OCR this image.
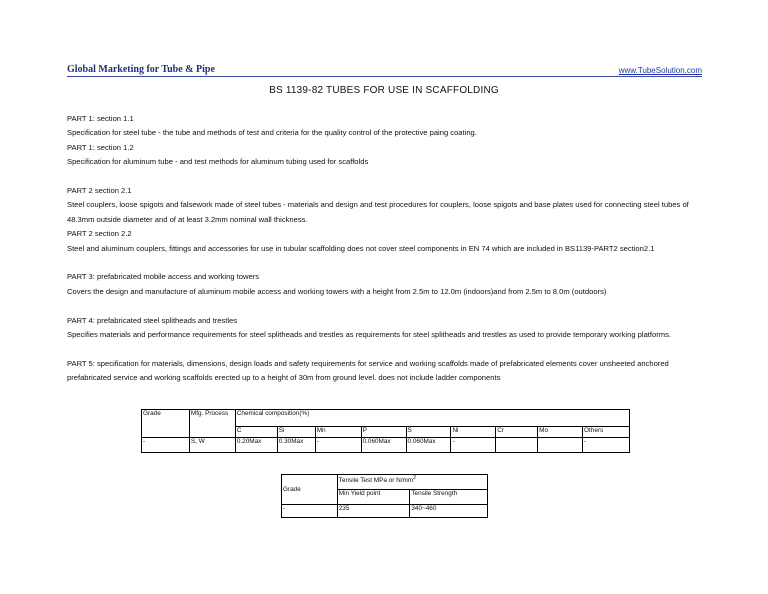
Global Marketing for Tube & Pipe	www.TubeSolution.com
BS 1139-82 TUBES FOR USE IN SCAFFOLDING

PART 1: section 1.1

Specification for steel tube - the tube and methods of test and criteria for the quality control of the protective paing coating.

PART 1: section 1.2

Specification for aluminum tube - and test methods for aluminum tubing used for scaffolds

PART 2 section 2.1

Steel couplers, loose spigots and falsework made of steel tubes - materials and design and test procedures for couplers, loose spigots and base plates used for connecting steel tubes of 48.3mm outside diameter and of at least 3.2mm nominal wall thickness.

PART 2 section 2.2

Steel and aluminum couplers, fittings and accessories for use in tubular scaffolding does not cover steel components in EN 74 which are included in BS1139-PART2 section2.1

PART 3: prefabricated mobile access and working towers

Covers the design and manufacture of aluminum mobile access and working towers with a height from 2.5m to 12.0m (indoors)and from 2.5m to 8.0m (outdoors)

PART 4: prefabricated steel splitheads and trestles

Specifies materials and performance requirements for steel splitheads and trestles as requirements for steel splitheads and trestles as used to provide temporary working platforms.

PART 5: specification for materials, dimensions, design loads and safety requirements for service and working scaffolds made of prefabricated elements cover unsheeted anchored prefabricated service and working scaffolds erected up to a height of 30m from ground level. does not include ladder components

Grade	Mfg. Process	Chemical composition(%)								
		C	Si	Mn	P	S	Ni	Cr	Mo	Others
-	S, W	0.20Max	0.30Max	-	0.060Max	0.060Max	-			-
Grade	Tensile Test MPa or $N/mm^2$
	Min Yield point	Tensile Strength
-	235	340~460
